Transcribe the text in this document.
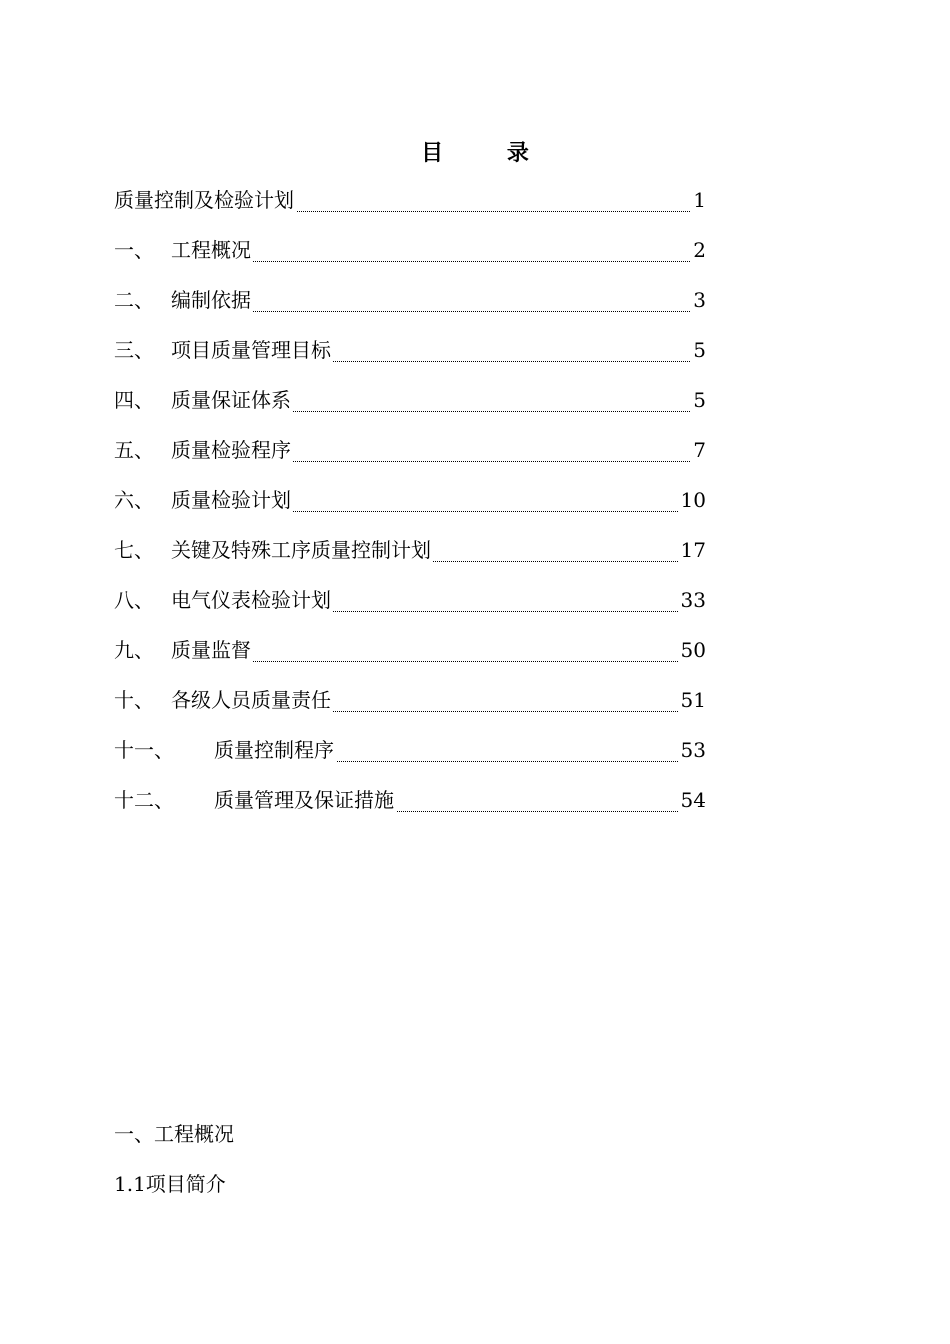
目 录
质量控制及检验计划	1
一、 工程概况	2
二、 编制依据	3
三、 项目质量管理目标	5
四、 质量保证体系	5
五、 质量检验程序	7
六、 质量检验计划	10
七、 关键及特殊工序质量控制计划	17
八、 电气仪表检验计划	33
九、 质量监督	50
十、 各级人员质量责任	51
十一、 质量控制程序	53
十二、 质量管理及保证措施	54
一、工程概况
1.1项目简介
